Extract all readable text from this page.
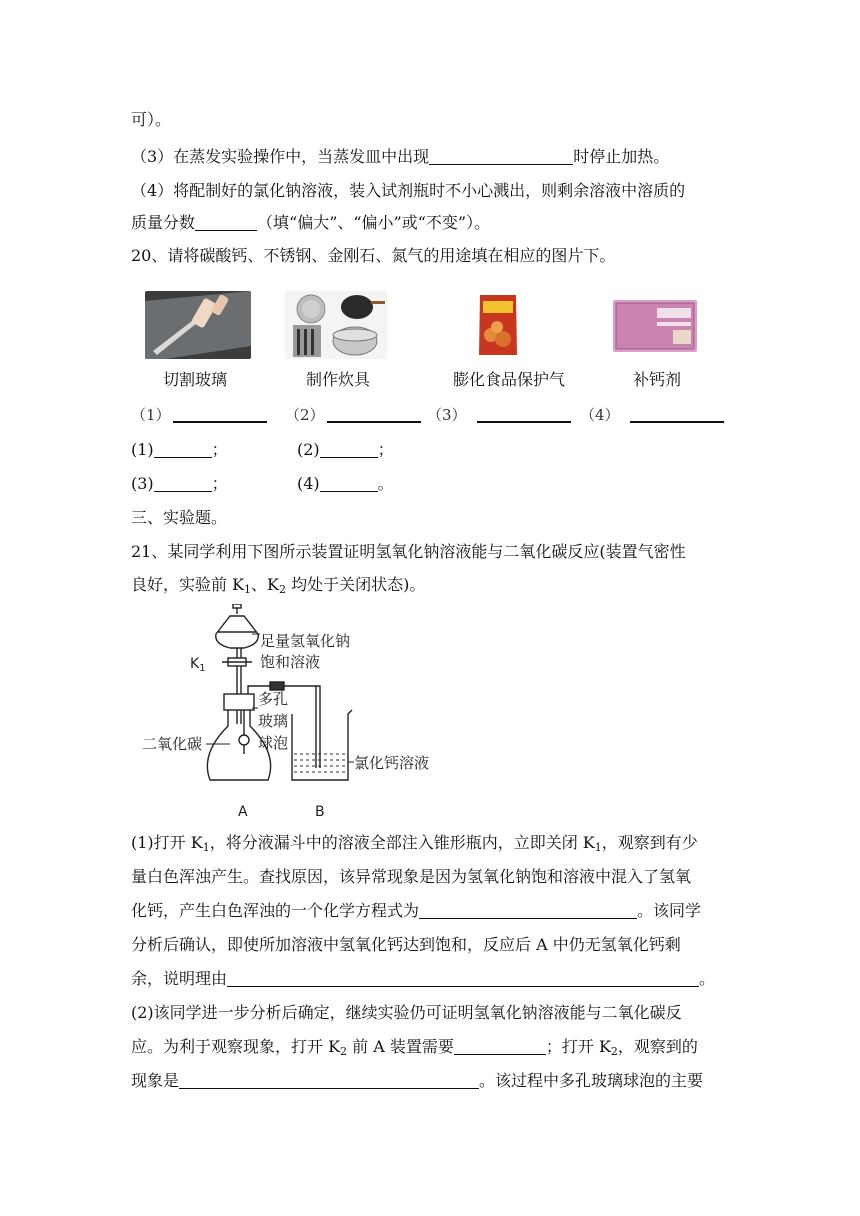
可）。
（3）在蒸发实验操作中，当蒸发皿中出现	时停止加热。
（4）将配制好的氯化钠溶液，装入试剂瓶时不小心溅出，则剩余溶液中溶质的
质量分数	（填“偏大”、“偏小”或“不变”）。
20、请将碳酸钙、不锈钢、金刚石、氮气的用途填在相应的图片下。
切割玻璃	制作炊具	膨化食品保护气	补钙剂
（1）	（2）	（3）	（4）
(1)	；	(2)	；
(3)	；	(4)	。
三、实验题。
21、某同学利用下图所示装置证明氢氧化钠溶液能与二氧化碳反应(装置气密性
良好，实验前 $K_1$、$K_2$ 均处于关闭状态)。
足量氢氧化钠
饱和溶液
$K_1$
多孔
玻璃
球泡
二氧化碳
氯化钙溶液
A	B
(1)打开 $K_1$，将分液漏斗中的溶液全部注入锥形瓶内，立即关闭 $K_1$，观察到有少
量白色浑浊产生。查找原因，该异常现象是因为氢氧化钠饱和溶液中混入了氢氧
化钙，产生白色浑浊的一个化学方程式为	。该同学
分析后确认，即使所加溶液中氢氧化钙达到饱和，反应后 A 中仍无氢氧化钙剩
余，说明理由	。
(2)该同学进一步分析后确定，继续实验仍可证明氢氧化钠溶液能与二氧化碳反
应。为利于观察现象，打开 $K_2$ 前 A 装置需要	；打开 $K_2$，观察到的
现象是	。该过程中多孔玻璃球泡的主要
